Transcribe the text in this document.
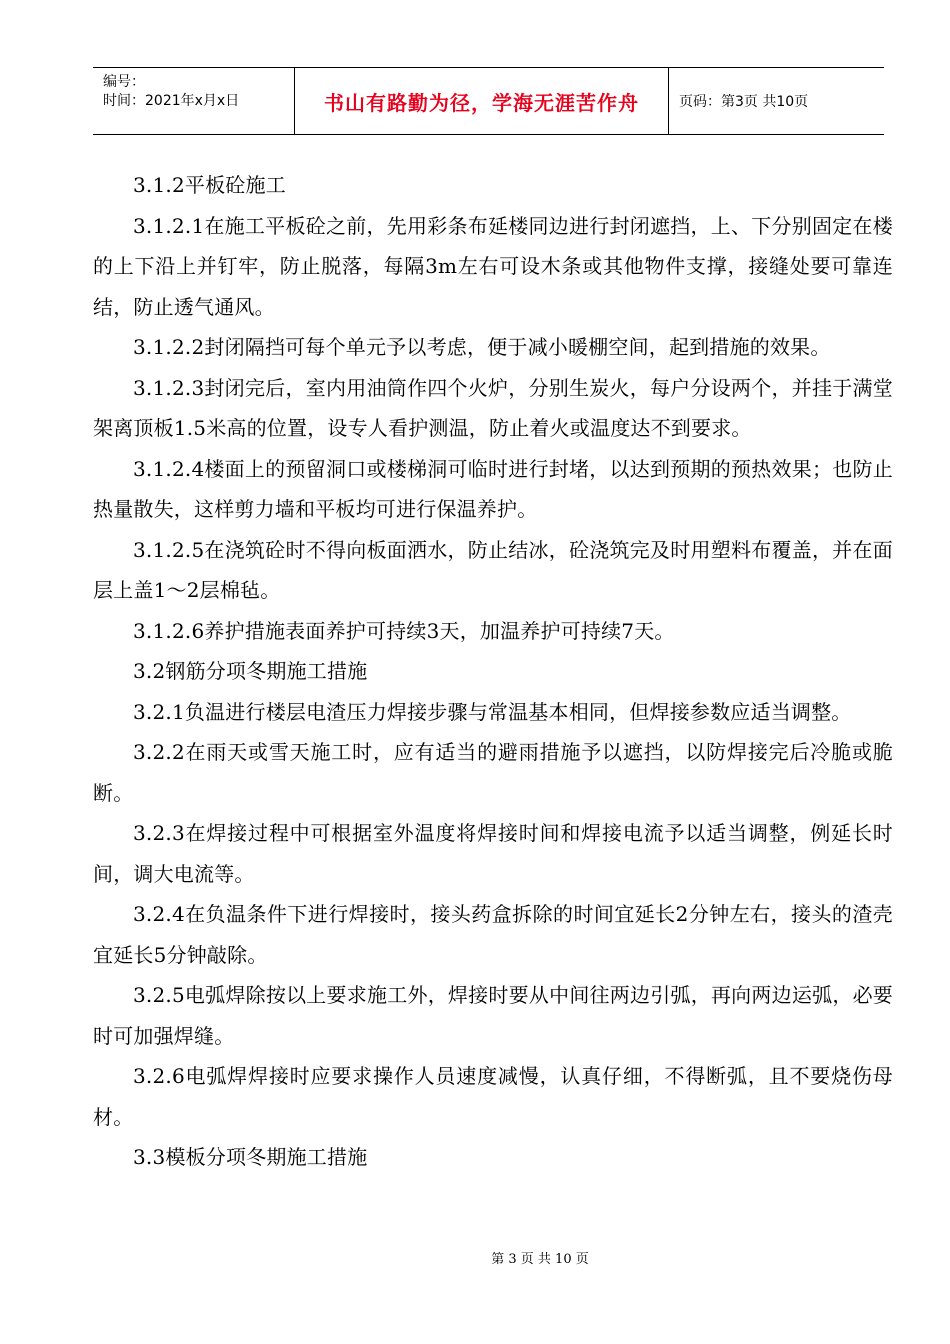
编号：
时间：2021年x月x日	书山有路勤为径，学海无涯苦作舟	页码：第3页 共10页

3.1.2平板砼施工

3.1.2.1在施工平板砼之前，先用彩条布延楼同边进行封闭遮挡，上、下分别固定在楼的上下沿上并钉牢，防止脱落，每隔3m左右可设木条或其他物件支撑，接缝处要可靠连结，防止透气通风。

3.1.2.2封闭隔挡可每个单元予以考虑，便于减小暖棚空间，起到措施的效果。

3.1.2.3封闭完后，室内用油筒作四个火炉，分别生炭火，每户分设两个，并挂于满堂架离顶板1.5米高的位置，设专人看护测温，防止着火或温度达不到要求。

3.1.2.4楼面上的预留洞口或楼梯洞可临时进行封堵，以达到预期的预热效果；也防止热量散失，这样剪力墙和平板均可进行保温养护。

3.1.2.5在浇筑砼时不得向板面洒水，防止结冰，砼浇筑完及时用塑料布覆盖，并在面层上盖1～2层棉毡。

3.1.2.6养护措施表面养护可持续3天，加温养护可持续7天。

3.2钢筋分项冬期施工措施

3.2.1负温进行楼层电渣压力焊接步骤与常温基本相同，但焊接参数应适当调整。

3.2.2在雨天或雪天施工时，应有适当的避雨措施予以遮挡，以防焊接完后冷脆或脆断。

3.2.3在焊接过程中可根据室外温度将焊接时间和焊接电流予以适当调整，例延长时间，调大电流等。

3.2.4在负温条件下进行焊接时，接头药盒拆除的时间宜延长2分钟左右，接头的渣壳宜延长5分钟敲除。

3.2.5电弧焊除按以上要求施工外，焊接时要从中间往两边引弧，再向两边运弧，必要时可加强焊缝。

3.2.6电弧焊焊接时应要求操作人员速度减慢，认真仔细，不得断弧，且不要烧伤母材。

3.3模板分项冬期施工措施

第 3 页 共 10 页
